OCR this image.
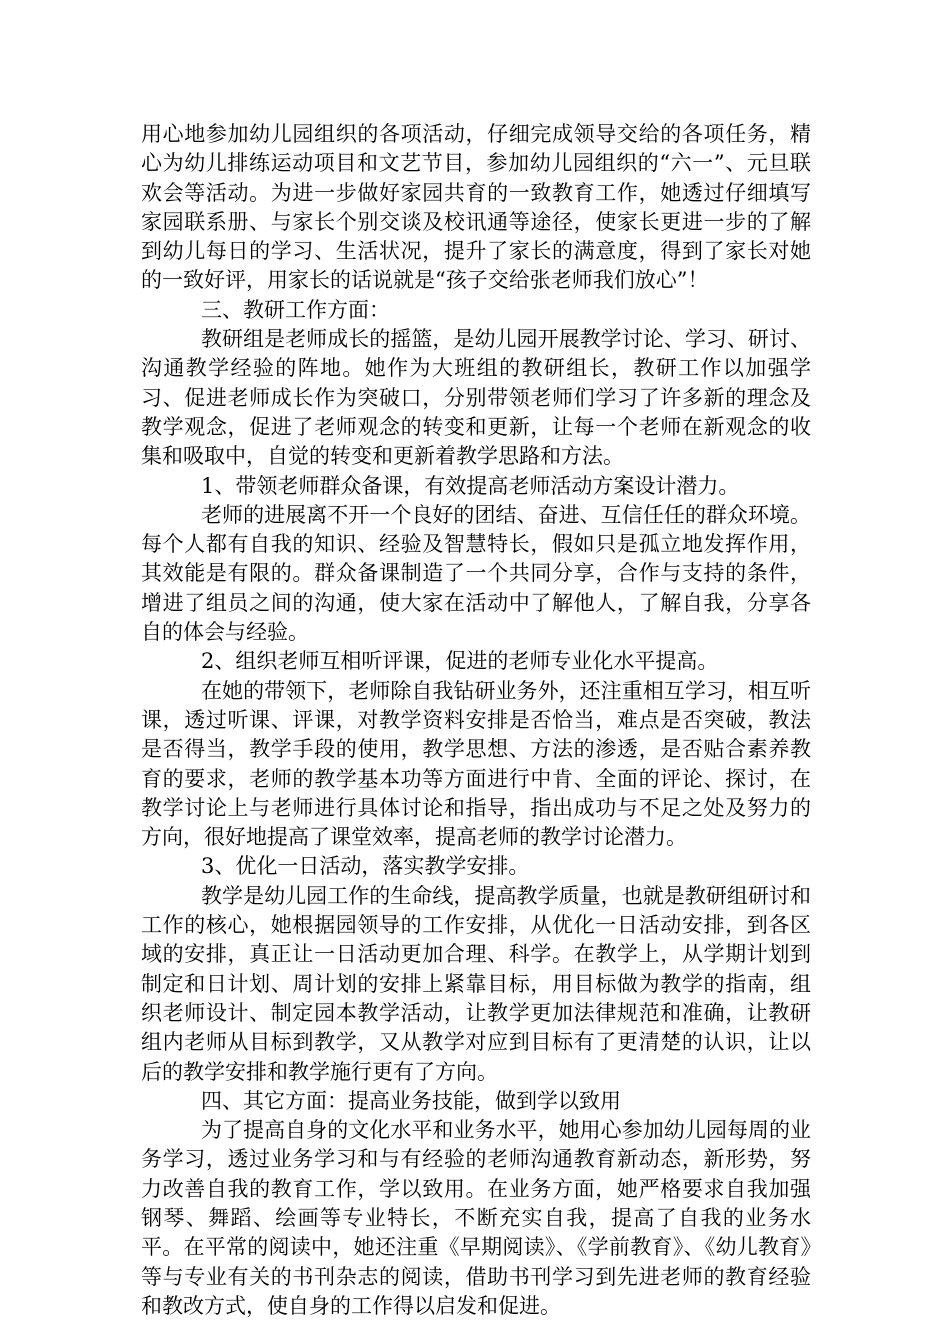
用心地参加幼儿园组织的各项活动，仔细完成领导交给的各项任务，精心为幼儿排练运动项目和文艺节目，参加幼儿园组织的“六一”、元旦联欢会等活动。为进一步做好家园共育的一致教育工作，她透过仔细填写家园联系册、与家长个别交谈及校讯通等途径，使家长更进一步的了解到幼儿每日的学习、生活状况，提升了家长的满意度，得到了家长对她的一致好评，用家长的话说就是“孩子交给张老师我们放心”！

三、教研工作方面：

教研组是老师成长的摇篮，是幼儿园开展教学讨论、学习、研讨、沟通教学经验的阵地。她作为大班组的教研组长，教研工作以加强学习、促进老师成长作为突破口，分别带领老师们学习了许多新的理念及教学观念，促进了老师观念的转变和更新，让每一个老师在新观念的收集和吸取中，自觉的转变和更新着教学思路和方法。

1、带领老师群众备课，有效提高老师活动方案设计潜力。

老师的进展离不开一个良好的团结、奋进、互信任任的群众环境。每个人都有自我的知识、经验及智慧特长，假如只是孤立地发挥作用，其效能是有限的。群众备课制造了一个共同分享，合作与支持的条件，增进了组员之间的沟通，使大家在活动中了解他人，了解自我，分享各自的体会与经验。

2、组织老师互相听评课，促进的老师专业化水平提高。

在她的带领下，老师除自我钻研业务外，还注重相互学习，相互听课，透过听课、评课，对教学资料安排是否恰当，难点是否突破，教法是否得当，教学手段的使用，教学思想、方法的渗透，是否贴合素养教育的要求，老师的教学基本功等方面进行中肯、全面的评论、探讨，在教学讨论上与老师进行具体讨论和指导，指出成功与不足之处及努力的方向，很好地提高了课堂效率，提高老师的教学讨论潜力。

3、优化一日活动，落实教学安排。

教学是幼儿园工作的生命线，提高教学质量，也就是教研组研讨和工作的核心，她根据园领导的工作安排，从优化一日活动安排，到各区域的安排，真正让一日活动更加合理、科学。在教学上，从学期计划到制定和日计划、周计划的安排上紧靠目标，用目标做为教学的指南，组织老师设计、制定园本教学活动，让教学更加法律规范和准确，让教研组内老师从目标到教学，又从教学对应到目标有了更清楚的认识，让以后的教学安排和教学施行更有了方向。

四、其它方面：提高业务技能，做到学以致用

为了提高自身的文化水平和业务水平，她用心参加幼儿园每周的业务学习，透过业务学习和与有经验的老师沟通教育新动态，新形势，努力改善自我的教育工作，学以致用。在业务方面，她严格要求自我加强钢琴、舞蹈、绘画等专业特长，不断充实自我，提高了自我的业务水平。在平常的阅读中，她还注重《早期阅读》、《学前教育》、《幼儿教育》等与专业有关的书刊杂志的阅读，借助书刊学习到先进老师的教育经验和教改方式，使自身的工作得以启发和促进。
